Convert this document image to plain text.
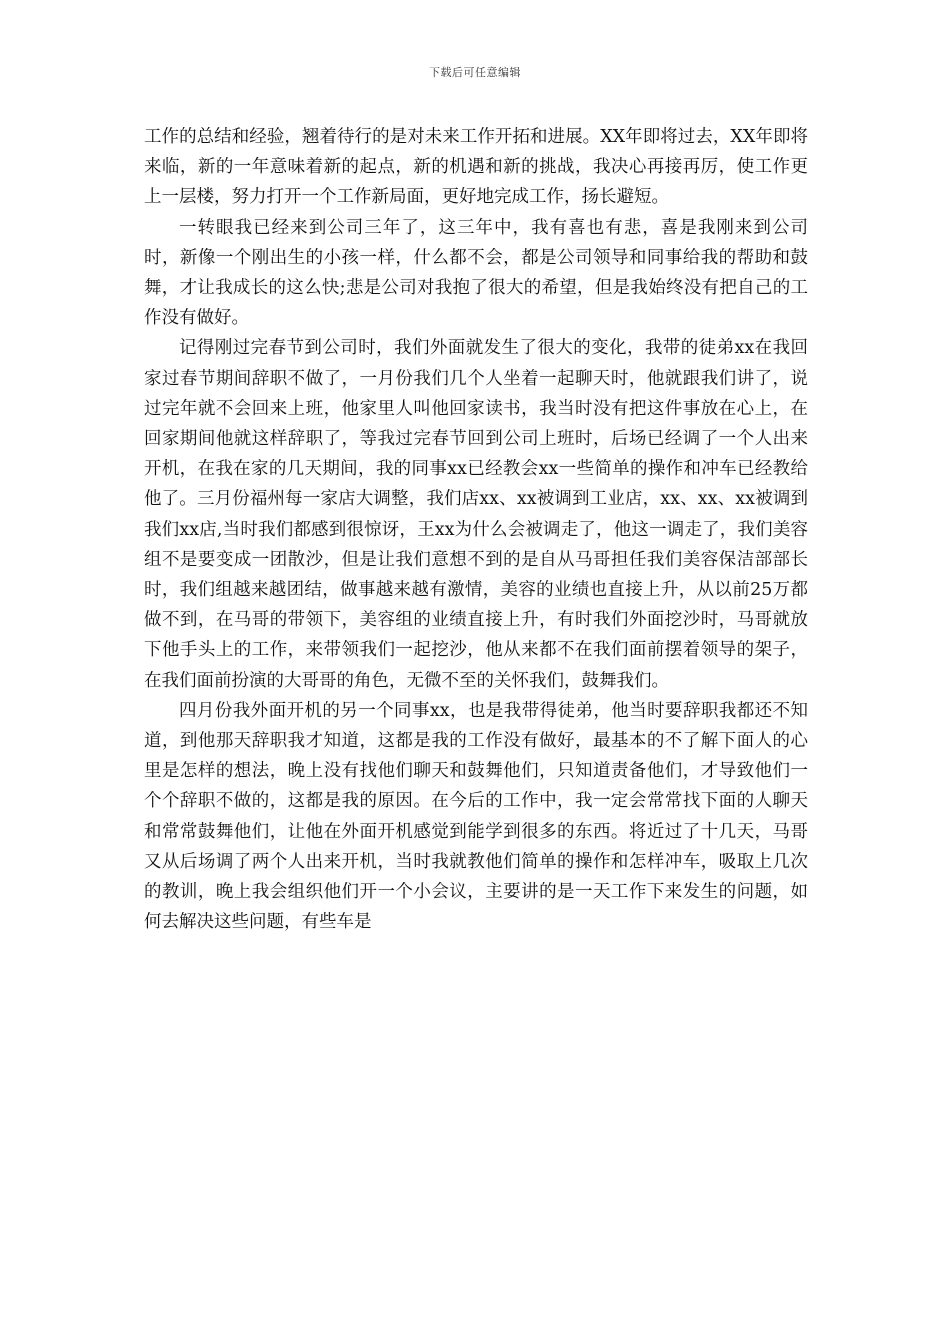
下载后可任意编辑

工作的总结和经验，翘着待行的是对未来工作开拓和进展。XX年即将过去，XX年即将来临，新的一年意味着新的起点，新的机遇和新的挑战，我决心再接再厉，使工作更上一层楼，努力打开一个工作新局面，更好地完成工作，扬长避短。

一转眼我已经来到公司三年了，这三年中，我有喜也有悲，喜是我刚来到公司时，新像一个刚出生的小孩一样，什么都不会，都是公司领导和同事给我的帮助和鼓舞，才让我成长的这么快;悲是公司对我抱了很大的希望，但是我始终没有把自己的工作没有做好。

记得刚过完春节到公司时，我们外面就发生了很大的变化，我带的徒弟xx在我回家过春节期间辞职不做了，一月份我们几个人坐着一起聊天时，他就跟我们讲了，说过完年就不会回来上班，他家里人叫他回家读书，我当时没有把这件事放在心上，在回家期间他就这样辞职了，等我过完春节回到公司上班时，后场已经调了一个人出来开机，在我在家的几天期间，我的同事xx已经教会xx一些简单的操作和冲车已经教给他了。三月份福州每一家店大调整，我们店xx、xx被调到工业店，xx、xx、xx被调到我们xx店,当时我们都感到很惊讶，王xx为什么会被调走了，他这一调走了，我们美容组不是要变成一团散沙，但是让我们意想不到的是自从马哥担任我们美容保洁部部长时，我们组越来越团结，做事越来越有激情，美容的业绩也直接上升，从以前25万都做不到，在马哥的带领下，美容组的业绩直接上升，有时我们外面挖沙时，马哥就放下他手头上的工作，来带领我们一起挖沙，他从来都不在我们面前摆着领导的架子，在我们面前扮演的大哥哥的角色，无微不至的关怀我们，鼓舞我们。

四月份我外面开机的另一个同事xx，也是我带得徒弟，他当时要辞职我都还不知道，到他那天辞职我才知道，这都是我的工作没有做好，最基本的不了解下面人的心里是怎样的想法，晚上没有找他们聊天和鼓舞他们，只知道责备他们，才导致他们一个个辞职不做的，这都是我的原因。在今后的工作中，我一定会常常找下面的人聊天和常常鼓舞他们，让他在外面开机感觉到能学到很多的东西。将近过了十几天，马哥又从后场调了两个人出来开机，当时我就教他们简单的操作和怎样冲车，吸取上几次的教训，晚上我会组织他们开一个小会议，主要讲的是一天工作下来发生的问题，如何去解决这些问题，有些车是
